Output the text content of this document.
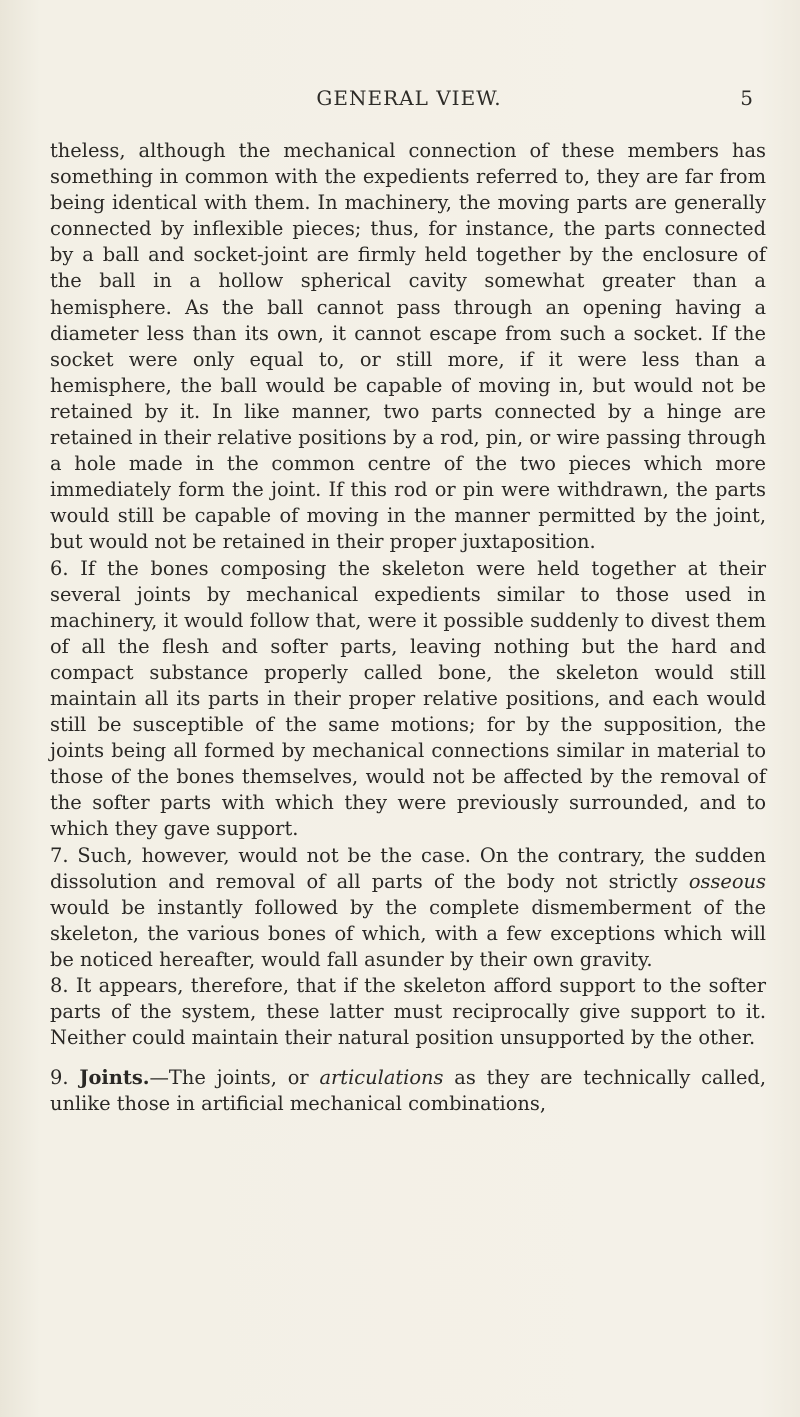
GENERAL VIEW.	5

theless, although the mechanical connection of these members has something in common with the expedients referred to, they are far from being identical with them. In machinery, the moving parts are generally connected by inflexible pieces; thus, for instance, the parts connected by a ball and socket-joint are firmly held together by the enclosure of the ball in a hollow spherical cavity somewhat greater than a hemisphere. As the ball cannot pass through an opening having a diameter less than its own, it cannot escape from such a socket. If the socket were only equal to, or still more, if it were less than a hemisphere, the ball would be capable of moving in, but would not be retained by it. In like manner, two parts connected by a hinge are retained in their relative positions by a rod, pin, or wire passing through a hole made in the common centre of the two pieces which more immediately form the joint. If this rod or pin were withdrawn, the parts would still be capable of moving in the manner permitted by the joint, but would not be retained in their proper juxtaposition.

6. If the bones composing the skeleton were held together at their several joints by mechanical expedients similar to those used in machinery, it would follow that, were it possible suddenly to divest them of all the flesh and softer parts, leaving nothing but the hard and compact substance properly called bone, the skeleton would still maintain all its parts in their proper relative positions, and each would still be susceptible of the same motions; for by the supposition, the joints being all formed by mechanical connections similar in material to those of the bones themselves, would not be affected by the removal of the softer parts with which they were previously surrounded, and to which they gave support.

7. Such, however, would not be the case. On the contrary, the sudden dissolution and removal of all parts of the body not strictly osseous would be instantly followed by the complete dismemberment of the skeleton, the various bones of which, with a few exceptions which will be noticed hereafter, would fall asunder by their own gravity.

8. It appears, therefore, that if the skeleton afford support to the softer parts of the system, these latter must reciprocally give support to it. Neither could maintain their natural position unsupported by the other.

9. Joints.—The joints, or articulations as they are technically called, unlike those in artificial mechanical combinations,
